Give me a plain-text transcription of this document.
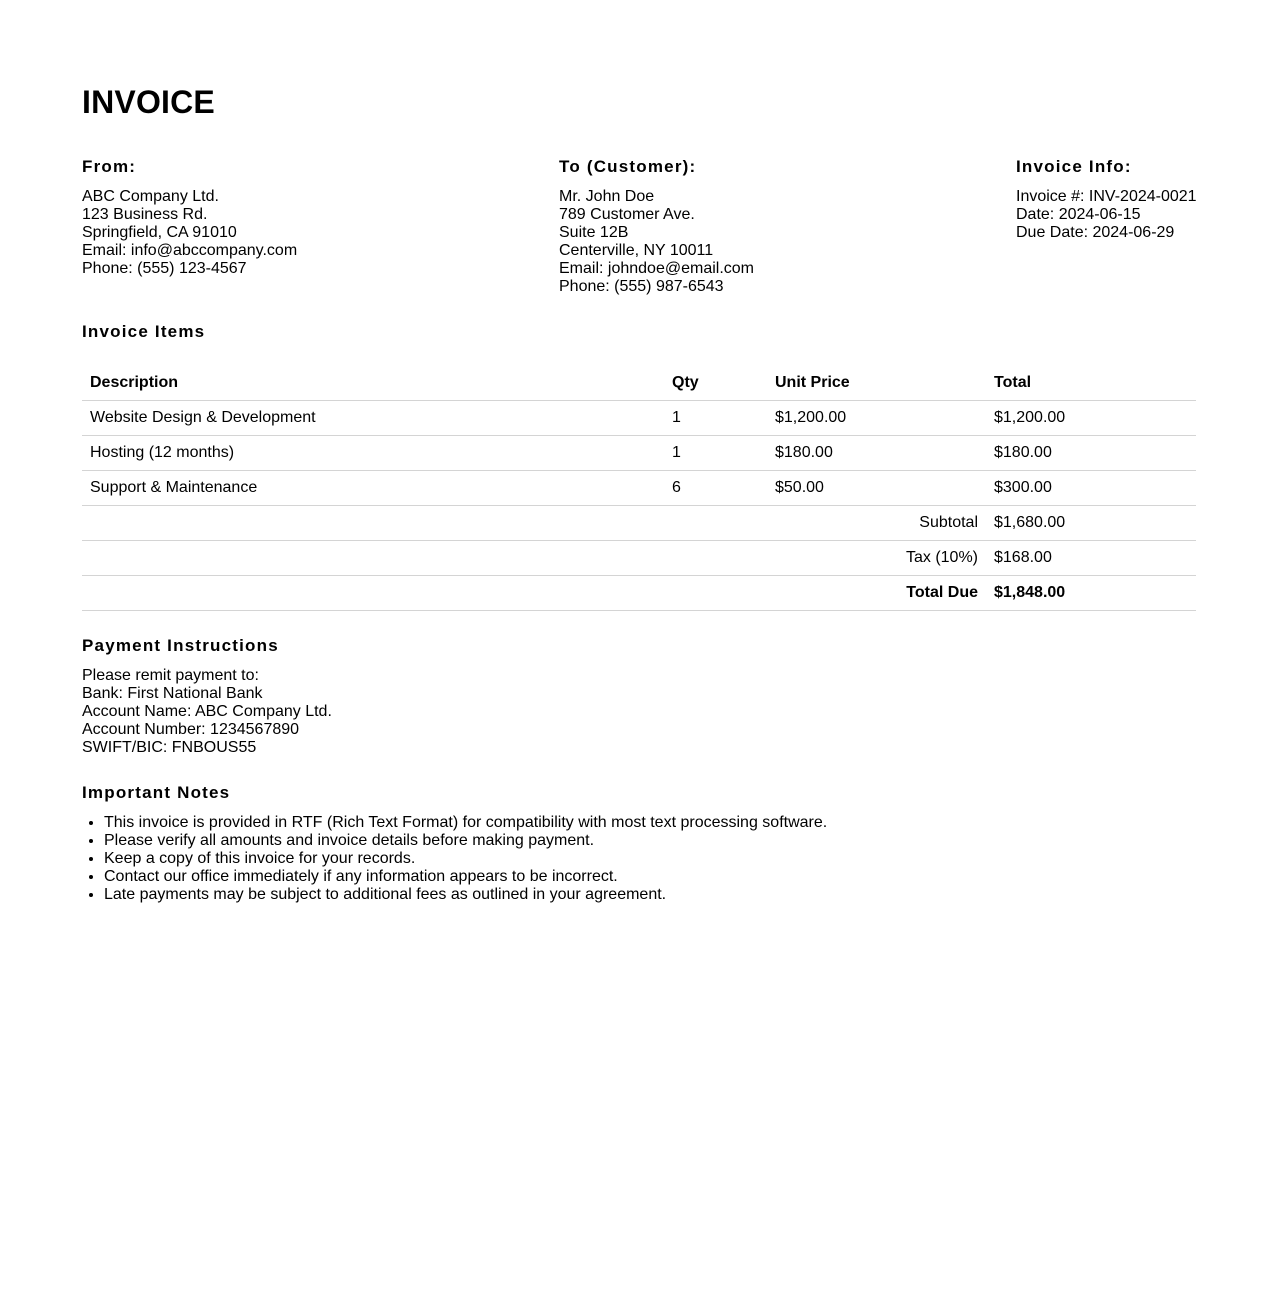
INVOICE
From:
ABC Company Ltd.
123 Business Rd.
Springfield, CA 91010
Email: info@abccompany.com
Phone: (555) 123-4567
To (Customer):
Mr. John Doe
789 Customer Ave.
Suite 12B
Centerville, NY 10011
Email: johndoe@email.com
Phone: (555) 987-6543
Invoice Info:
Invoice #: INV-2024-0021
Date: 2024-06-15
Due Date: 2024-06-29
Invoice Items
Description	Qty	Unit Price	Total
Website Design & Development	1	$1,200.00	$1,200.00
Hosting (12 months)	1	$180.00	$180.00
Support & Maintenance	6	$50.00	$300.00
Subtotal			$1,680.00
Tax (10%)			$168.00
Total Due			$1,848.00
Payment Instructions
Please remit payment to:
Bank: First National Bank
Account Name: ABC Company Ltd.
Account Number: 1234567890
SWIFT/BIC: FNBOUS55
Important Notes
• This invoice is provided in RTF (Rich Text Format) for compatibility with most text processing software.
• Please verify all amounts and invoice details before making payment.
• Keep a copy of this invoice for your records.
• Contact our office immediately if any information appears to be incorrect.
• Late payments may be subject to additional fees as outlined in your agreement.
